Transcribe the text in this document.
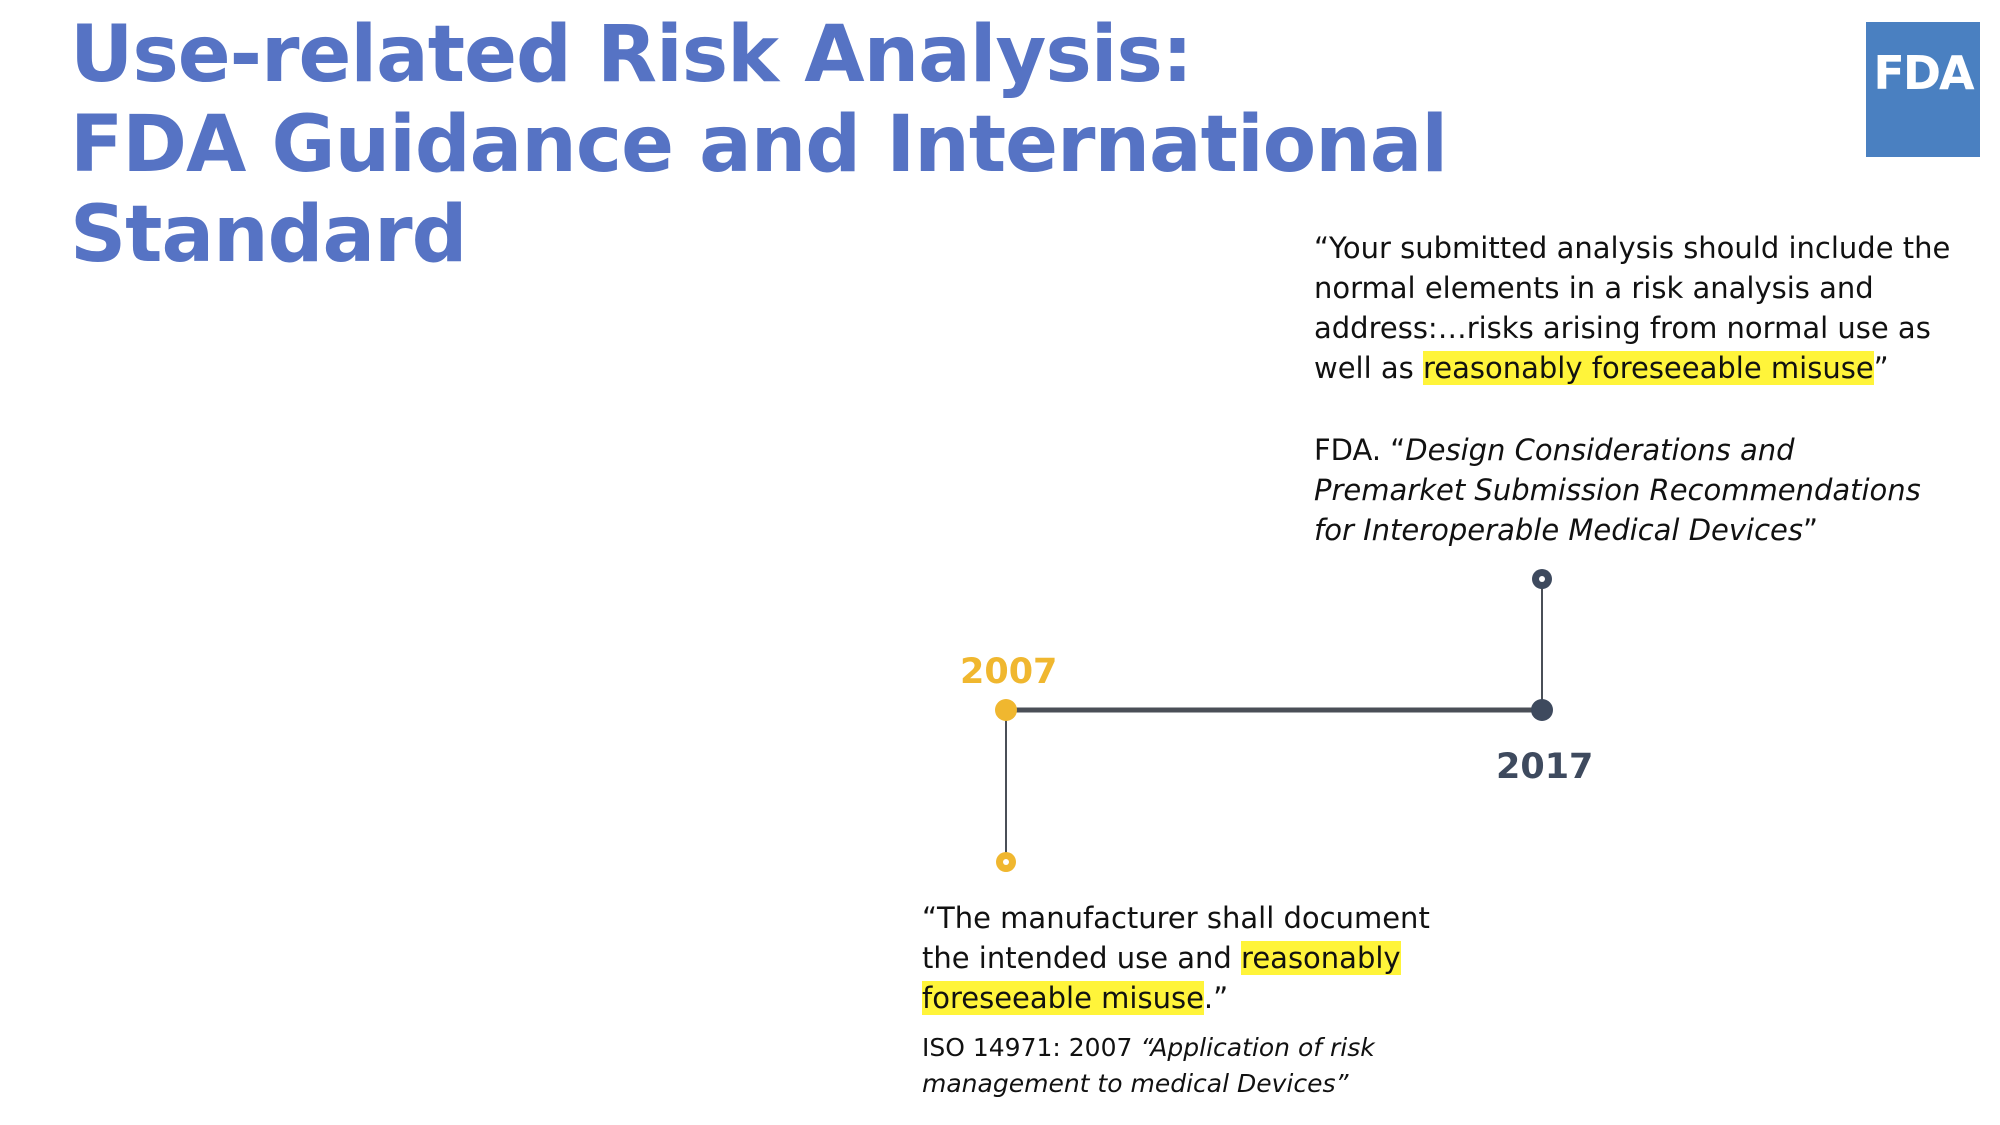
Use-related Risk Analysis:
FDA Guidance and International Standard
FDA
2007
2017
“Your submitted analysis should include the normal elements in a risk analysis and address:…risks arising from normal use as well as reasonably foreseeable misuse”
FDA. “Design Considerations and Premarket Submission Recommendations for Interoperable Medical Devices”
“The manufacturer shall document the intended use and reasonably foreseeable misuse.”
ISO 14971: 2007 “Application of risk management to medical Devices”
